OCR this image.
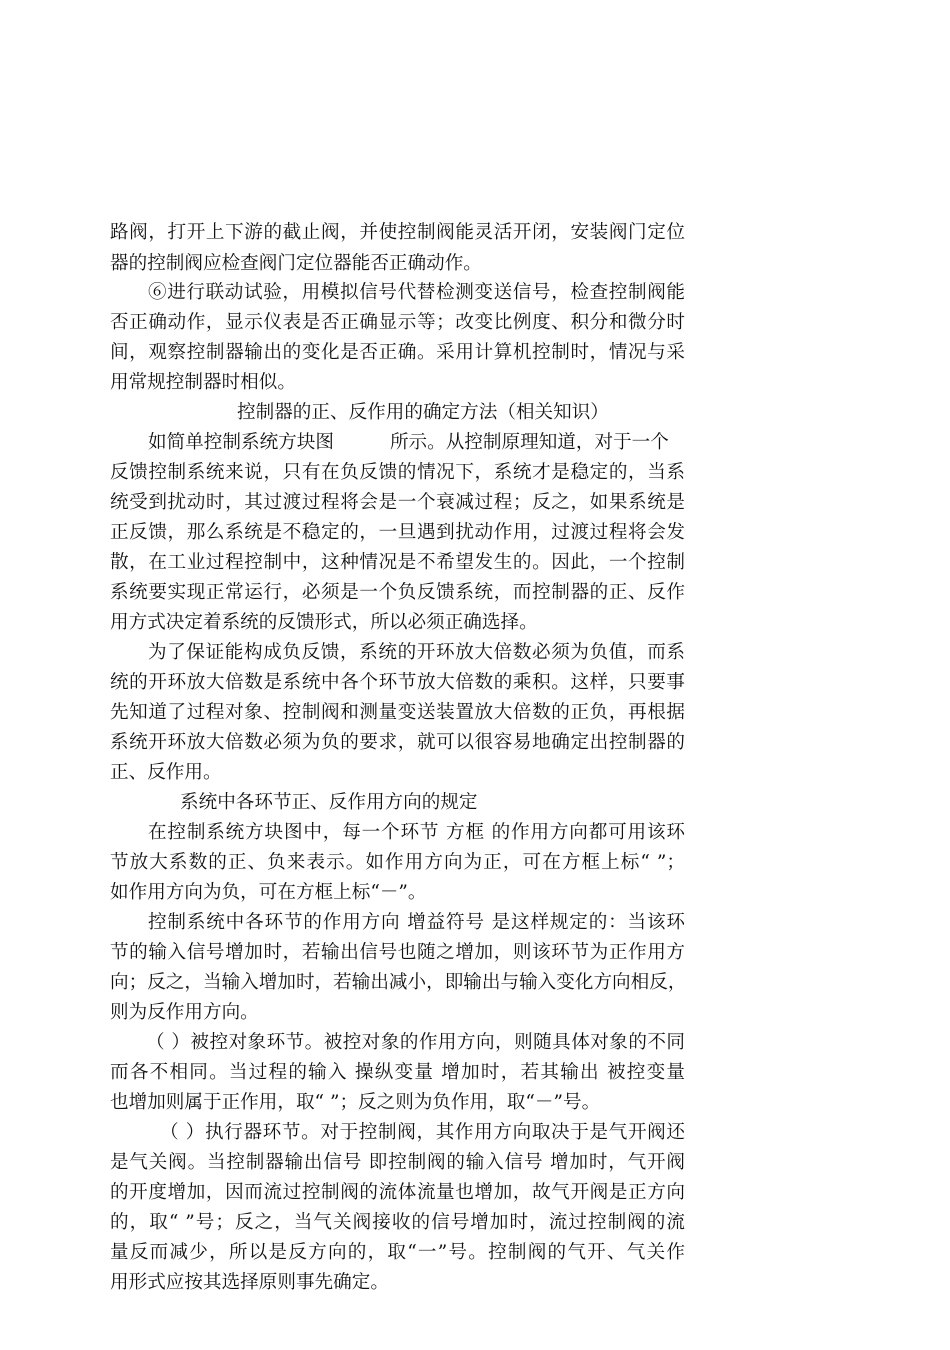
路阀，打开上下游的截止阀，并使控制阀能灵活开闭，安装阀门定位
器的控制阀应检查阀门定位器能否正确动作。
⑥进行联动试验，用模拟信号代替检测变送信号，检查控制阀能
否正确动作，显示仪表是否正确显示等；改变比例度、积分和微分时
间，观察控制器输出的变化是否正确。采用计算机控制时，情况与采
用常规控制器时相似。
控制器的正、反作用的确定方法（相关知识）
如简单控制系统方块图	所示。从控制原理知道，对于一个
反馈控制系统来说，只有在负反馈的情况下，系统才是稳定的，当系
统受到扰动时，其过渡过程将会是一个衰减过程；反之，如果系统是
正反馈，那么系统是不稳定的，一旦遇到扰动作用，过渡过程将会发
散，在工业过程控制中，这种情况是不希望发生的。因此，一个控制
系统要实现正常运行，必须是一个负反馈系统，而控制器的正、反作
用方式决定着系统的反馈形式，所以必须正确选择。
为了保证能构成负反馈，系统的开环放大倍数必须为负值，而系
统的开环放大倍数是系统中各个环节放大倍数的乘积。这样，只要事
先知道了过程对象、控制阀和测量变送装置放大倍数的正负，再根据
系统开环放大倍数必须为负的要求，就可以很容易地确定出控制器的
正、反作用。
系统中各环节正、反作用方向的规定
在控制系统方块图中，每一个环节 方框 的作用方向都可用该环
节放大系数的正、负来表示。如作用方向为正，可在方框上标“ ”；
如作用方向为负，可在方框上标“－”。
控制系统中各环节的作用方向 增益符号 是这样规定的：当该环
节的输入信号增加时，若输出信号也随之增加，则该环节为正作用方
向；反之，当输入增加时，若输出减小，即输出与输入变化方向相反，
则为反作用方向。
（ ）被控对象环节。被控对象的作用方向，则随具体对象的不同
而各不相同。当过程的输入 操纵变量 增加时，若其输出 被控变量
也增加则属于正作用，取“ ”；反之则为负作用，取“－”号。
（ ）执行器环节。对于控制阀，其作用方向取决于是气开阀还
是气关阀。当控制器输出信号 即控制阀的输入信号 增加时，气开阀
的开度增加，因而流过控制阀的流体流量也增加，故气开阀是正方向
的，取“ ”号；反之，当气关阀接收的信号增加时，流过控制阀的流
量反而减少，所以是反方向的，取“一”号。控制阀的气开、气关作
用形式应按其选择原则事先确定。
